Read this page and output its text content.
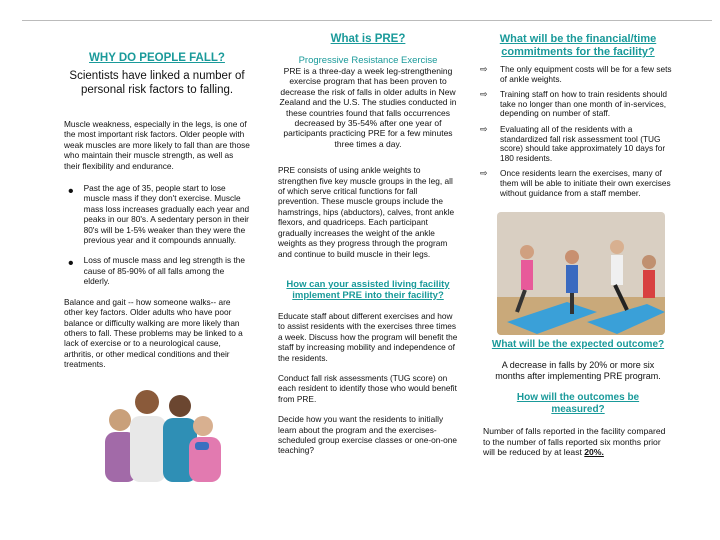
WHY DO PEOPLE FALL?
Scientists have linked a number of personal risk factors to falling.

Muscle weakness, especially in the legs, is one of the most important risk factors. Older people with weak muscles are more likely to fall than are those who maintain their muscle strength, as well as their flexibility and endurance.

• Past the age of 35, people start to lose muscle mass if they don't exercise. Muscle mass loss increases gradually each year and peaks in our 80's. A sedentary person in their 80's will be 1-5% weaker than they were the previous year and it compounds annually.

• Loss of muscle mass and leg strength is the cause of 85-90% of all falls among the elderly.

Balance and gait -- how someone walks-- are other key factors. Older adults who have poor balance or difficulty walking are more likely than others to fall. These problems may be linked to a lack of exercise or to a neurological cause, arthritis, or other medical conditions and their treatments.

What is PRE?
Progressive Resistance Exercise

PRE is a three-day a week leg-strengthening exercise program that has been proven to decrease the risk of falls in older adults in New Zealand and the U.S. The studies conducted in these countries found that falls occurrences decreased by 35-54% after one year of participants practicing PRE for a few minutes three times a day.

PRE consists of using ankle weights to strengthen five key muscle groups in the leg, all of which serve critical functions for fall prevention. These muscle groups include the hamstrings, hips (abductors), calves, front ankle flexors, and quadriceps. Each participant gradually increases the weight of the ankle weights as they progress through the program and continue to build muscle in their legs.

How can your assisted living facility implement PRE into their facility?

Educate staff about different exercises and how to assist residents with the exercises three times a week. Discuss how the program will benefit the staff by increasing mobility and independence of the residents.

Conduct fall risk assessments (TUG score) on each resident to identify those who would benefit from PRE.

Decide how you want the residents to initially learn about the program and the exercises- scheduled group exercise classes or one-on-one teaching?

What will be the financial/time commitments for the facility?
⇨	The only equipment costs will be for a few sets of ankle weights.

⇨	Training staff on how to train residents should take no longer than one month of in-services, depending on number of staff.

⇨	Evaluating all of the residents with a standardized fall risk assessment tool (TUG score) should take approximately 10 days for 180 residents.

⇨	Once residents learn the exercises, many of them will be able to initiate their own exercises without guidance from a staff member.

What will be the expected outcome?

A decrease in falls by 20% or more six months after implementing PRE program.

How will the outcomes be measured?

Number of falls reported in the facility compared to the number of falls reported six months prior will be reduced by at least 20%.
